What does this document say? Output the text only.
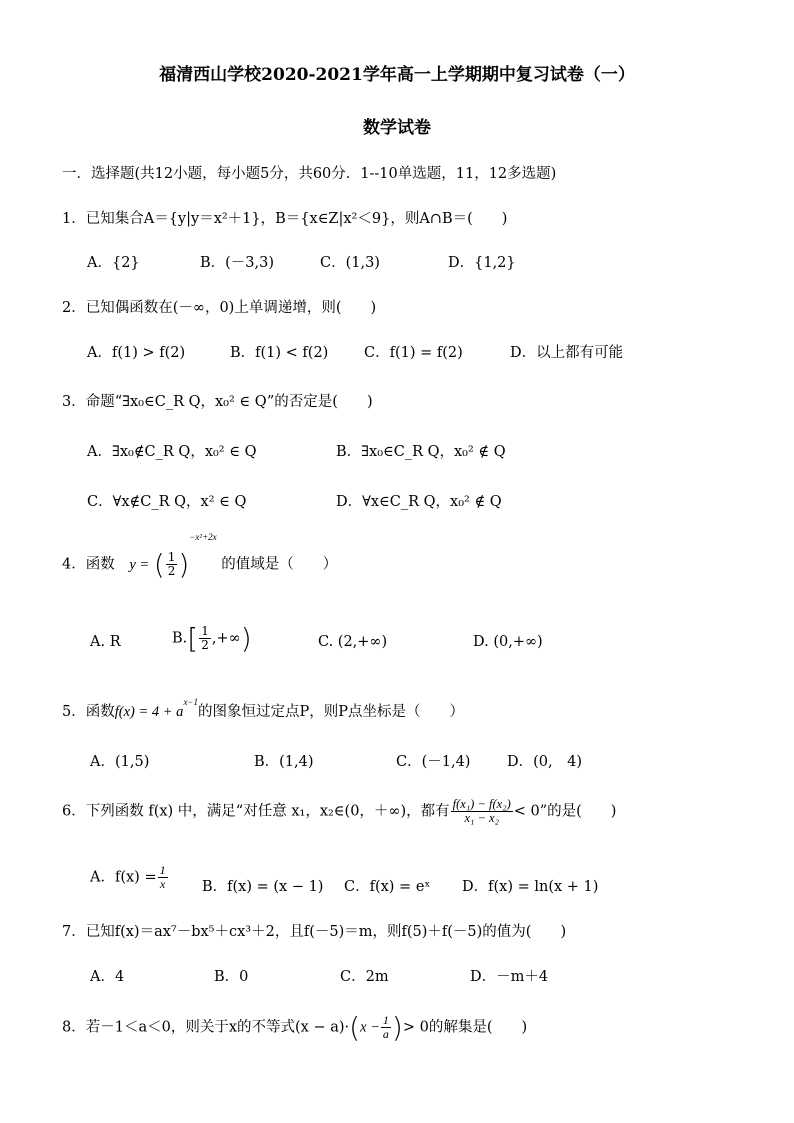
福清西山学校2020-2021学年高一上学期期中复习试卷（一）
数学试卷
一．选择题(共12小题，每小题5分，共60分．1--10单选题，11，12多选题)
1．已知集合A＝{y|y＝x²＋1}，B＝{x∈Z|x²＜9}，则A∩B＝(　　)
A．{2}	B．(－3,3)	C．(1,3)	D．{1,2}
2．已知偶函数在(－∞，0)上单调递增，则(　　)
A．f(1) > f(2)	B．f(1) < f(2) C．f(1) = f(2)	D．以上都有可能
3．命题“∃x₀∈C_R Q，x₀² ∈ Q”的否定是(　　)
A．∃x₀∉C_R Q，x₀² ∈ Q	B．∃x₀∈C_R Q，x₀² ∉ Q
C．∀x∉C_R Q，x² ∈ Q	D．∀x∈C_R Q，x₀² ∉ Q
4．函数 y = ( $\frac{1}{2} )^{-x^2+2x}$ 的值域是（　　）
A. R	$B.[ \frac{1}{2}$ ,+∞)	C. (2,+∞)	D. (0,+∞)
5．函数$f(x) = 4 + a^{x-1}$的图象恒过定点P，则P点坐标是（　　）
A．(1,5)	B．(1,4)	C．(－1,4)	D．(0,　4)
6．下列函数 f(x) 中，满足“对任意 x₁，x₂∈(0，＋∞)，都有 $\frac{\text{f(x₁) − f(x₂)}}{\text{x₁ − x₂}} < 0$”的是(　　)
A．$f(x) = \frac{1}{x}$ B．f(x) = (x − 1) C．f(x) = eˣ D．f(x) = ln(x + 1)
7．已知f(x)＝ax⁷－bx⁵＋cx³＋2，且f(－5)＝m，则f(5)＋f(－5)的值为(　　)
A．4	B．0	C．2m	D．－m＋4
8．若－1＜a＜0，则关于x的不等式$(x - a)\cdot(x - \frac{1}{a}$ )> 0的解集是(　　)
